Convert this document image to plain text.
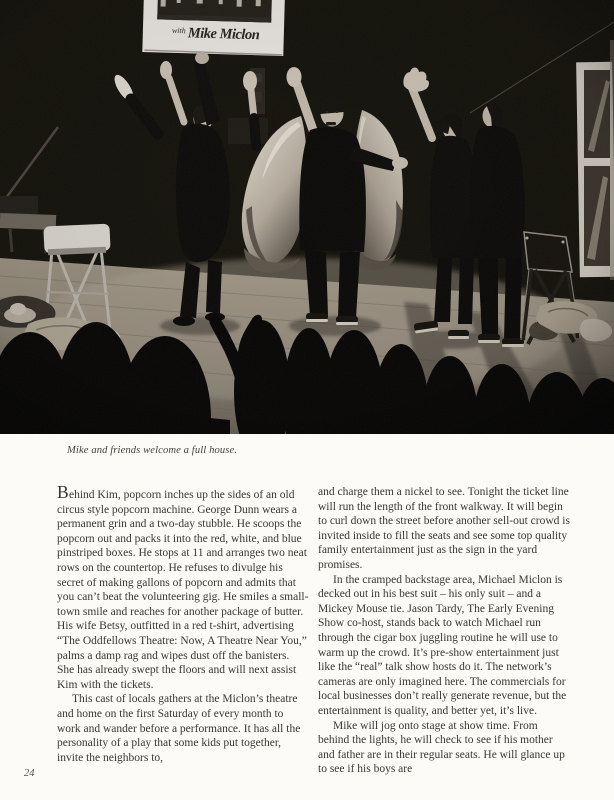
Mike and friends welcome a full house.

Behind Kim, popcorn inches up the sides of an old circus style popcorn machine. George Dunn wears a permanent grin and a two-day stubble. He scoops the popcorn out and packs it into the red, white, and blue pinstriped boxes. He stops at 11 and arranges two neat rows on the countertop. He refuses to divulge his secret of making gallons of popcorn and admits that you can’t beat the volunteering gig. He smiles a small-town smile and reaches for another package of butter. His wife Betsy, outfitted in a red t-shirt, advertising “The Oddfellows Theatre: Now, A Theatre Near You,” palms a damp rag and wipes dust off the banisters. She has already swept the floors and will next assist Kim with the tickets.

This cast of locals gathers at the Miclon’s theatre and home on the first Saturday of every month to work and wander before a performance. It has all the personality of a play that some kids put together, invite the neighbors to,

and charge them a nickel to see. Tonight the ticket line will run the length of the front walkway. It will begin to curl down the street before another sell-out crowd is invited inside to fill the seats and see some top quality family entertainment just as the sign in the yard promises.

In the cramped backstage area, Michael Miclon is decked out in his best suit – his only suit – and a Mickey Mouse tie. Jason Tardy, The Early Evening Show co-host, stands back to watch Michael run through the cigar box juggling routine he will use to warm up the crowd. It’s pre-show entertainment just like the “real” talk show hosts do it. The network’s cameras are only imagined here. The commercials for local businesses don’t really generate revenue, but the entertainment is quality, and better yet, it’s live.

Mike will jog onto stage at show time. From behind the lights, he will check to see if his mother and father are in their regular seats. He will glance up to see if his boys are

24
